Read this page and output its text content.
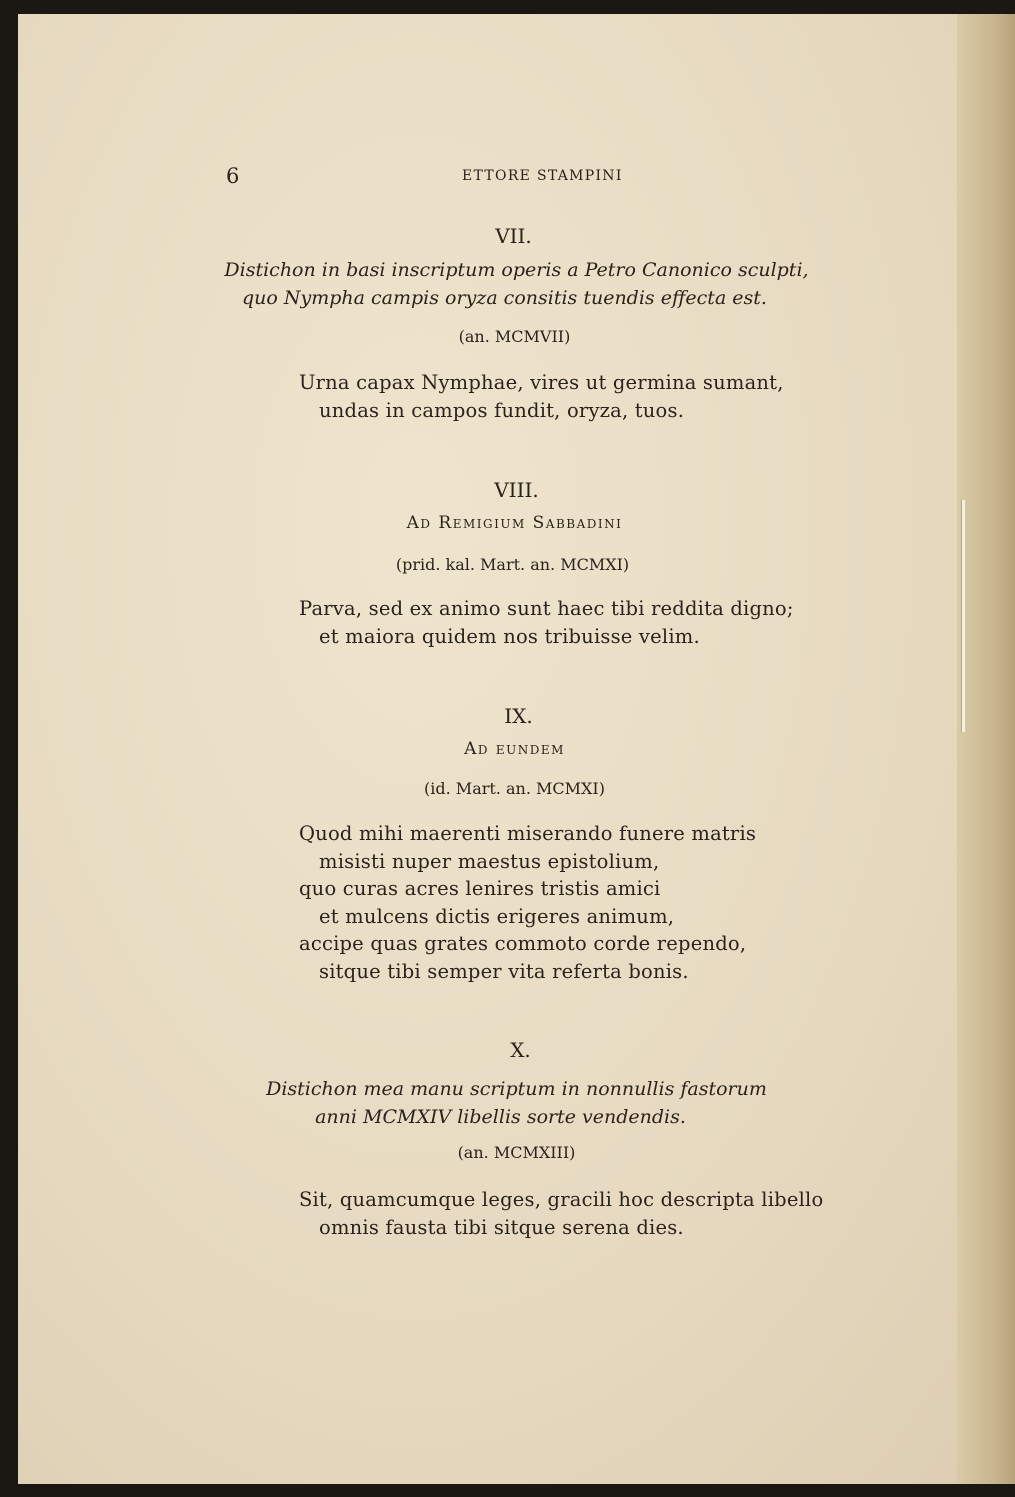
6	ETTORE STAMPINI
VII.
Distichon in basi inscriptum operis a Petro Canonico sculpti,
quo Nympha campis oryza consitis tuendis effecta est.
(an. MCMVII)
Urna capax Nymphae, vires ut germina sumant,
undas in campos fundit, oryza, tuos.
VIII.
Ad Remigium Sabbadini
(prid. kal. Mart. an. MCMXI)
Parva, sed ex animo sunt haec tibi reddita digno;
et maiora quidem nos tribuisse velim.
IX.
Ad eundem
(id. Mart. an. MCMXI)
Quod mihi maerenti miserando funere matris
misisti nuper maestus epistolium,
quo curas acres lenires tristis amici
et mulcens dictis erigeres animum,
accipe quas grates commoto corde rependo,
sitque tibi semper vita referta bonis.
X.
Distichon mea manu scriptum in nonnullis fastorum
anni MCMXIV libellis sorte vendendis.
(an. MCMXIII)
Sit, quamcumque leges, gracili hoc descripta libello
omnis fausta tibi sitque serena dies.
